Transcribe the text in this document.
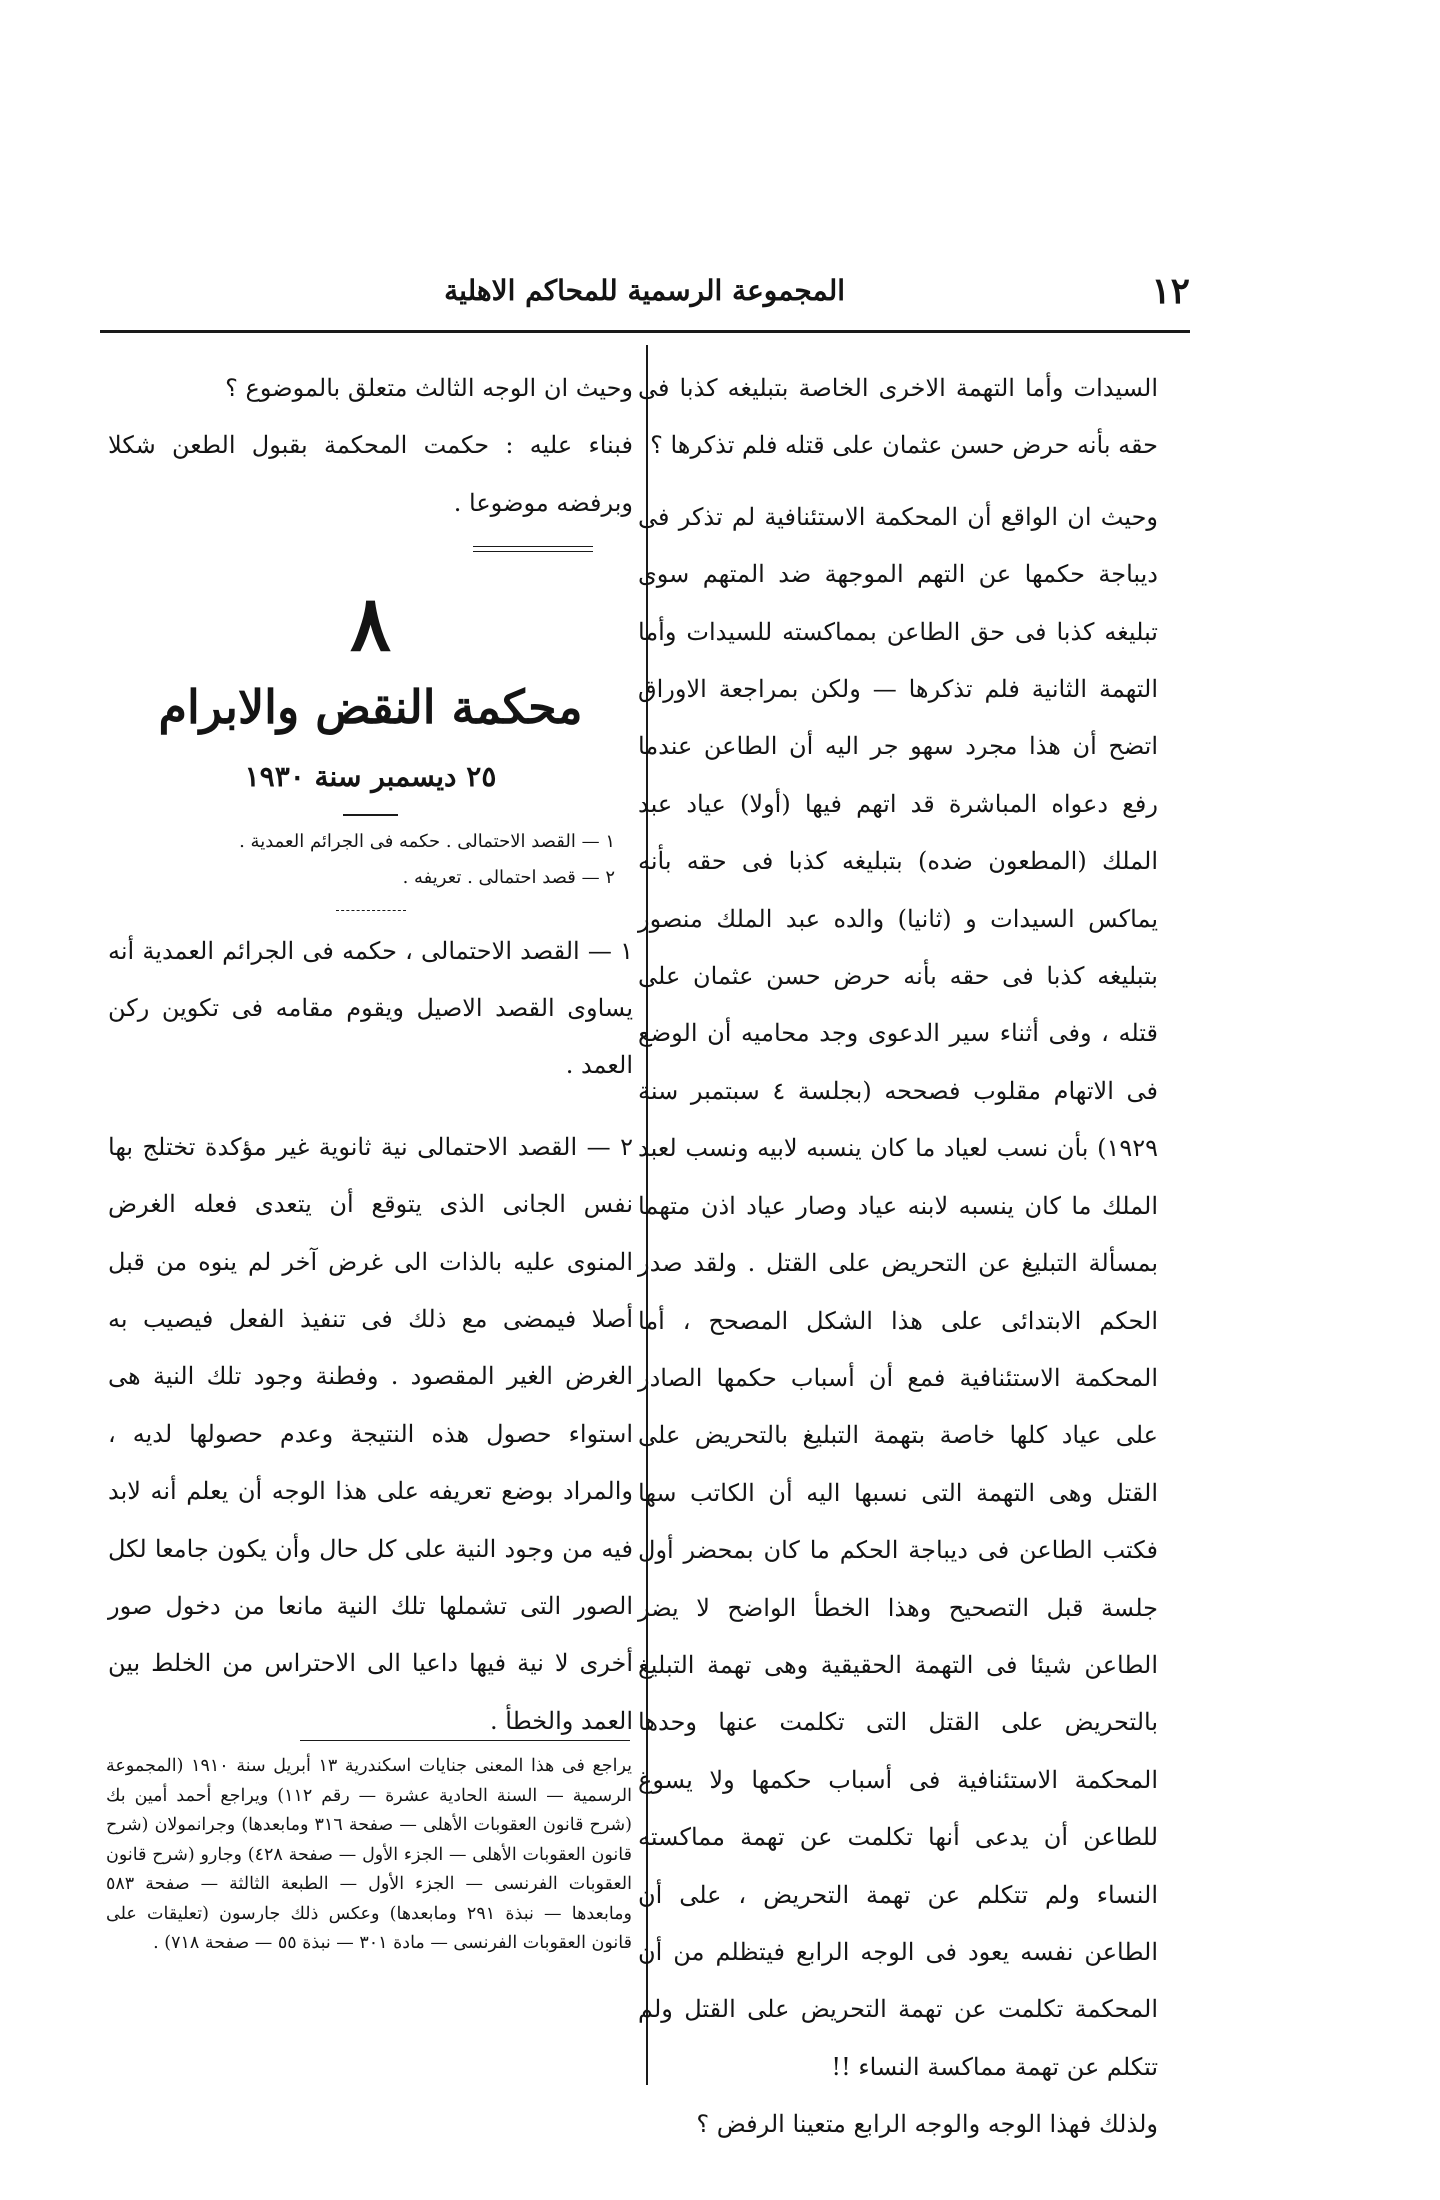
١٢
المجموعة الرسمية للمحاكم الاهلية

السيدات وأما التهمة الاخرى الخاصة بتبليغه كذبا فى حقه بأنه حرض حسن عثمان على قتله فلم تذكرها ؟

وحيث ان الواقع أن المحكمة الاستئنافية لم تذكر فى ديباجة حكمها عن التهم الموجهة ضد المتهم سوى تبليغه كذبا فى حق الطاعن بمماكسته للسيدات وأما التهمة الثانية فلم تذكرها — ولكن بمراجعة الاوراق اتضح أن هذا مجرد سهو جر اليه أن الطاعن عندما رفع دعواه المباشرة قد اتهم فيها (أولا) عياد عبد الملك (المطعون ضده) بتبليغه كذبا فى حقه بأنه يماكس السيدات و (ثانيا) والده عبد الملك منصور بتبليغه كذبا فى حقه بأنه حرض حسن عثمان على قتله ، وفى أثناء سير الدعوى وجد محاميه أن الوضع فى الاتهام مقلوب فصححه (بجلسة ٤ سبتمبر سنة ١٩٢٩) بأن نسب لعياد ما كان ينسبه لابيه ونسب لعبد الملك ما كان ينسبه لابنه عياد وصار عياد اذن متهما بمسألة التبليغ عن التحريض على القتل . ولقد صدر الحكم الابتدائى على هذا الشكل المصحح ، أما المحكمة الاستئنافية فمع أن أسباب حكمها الصادر على عياد كلها خاصة بتهمة التبليغ بالتحريض على القتل وهى التهمة التى نسبها اليه أن الكاتب سها فكتب الطاعن فى ديباجة الحكم ما كان بمحضر أول جلسة قبل التصحيح وهذا الخطأ الواضح لا يضر الطاعن شيئا فى التهمة الحقيقية وهى تهمة التبليغ بالتحريض على القتل التى تكلمت عنها وحدها المحكمة الاستئنافية فى أسباب حكمها ولا يسوغ للطاعن أن يدعى أنها تكلمت عن تهمة مماكسته النساء ولم تتكلم عن تهمة التحريض ، على أن الطاعن نفسه يعود فى الوجه الرابع فيتظلم من أن المحكمة تكلمت عن تهمة التحريض على القتل ولم تتكلم عن تهمة مماكسة النساء !!

ولذلك فهذا الوجه والوجه الرابع متعينا الرفض ؟

وحيث ان الوجه الثالث متعلق بالموضوع ؟

فبناء عليه : حكمت المحكمة بقبول الطعن شكلا وبرفضه موضوعا .

٨
محكمة النقض والابرام
٢٥ ديسمبر سنة ١٩٣٠
١ — القصد الاحتمالى . حكمه فى الجرائم العمدية .
٢ — قصد احتمالى . تعريفه .

١ — القصد الاحتمالى ، حكمه فى الجرائم العمدية أنه يساوى القصد الاصيل ويقوم مقامه فى تكوين ركن العمد .

٢ — القصد الاحتمالى نية ثانوية غير مؤكدة تختلج بها نفس الجانى الذى يتوقع أن يتعدى فعله الغرض المنوى عليه بالذات الى غرض آخر لم ينوه من قبل أصلا فيمضى مع ذلك فى تنفيذ الفعل فيصيب به الغرض الغير المقصود . وفطنة وجود تلك النية هى استواء حصول هذه النتيجة وعدم حصولها لديه ، والمراد بوضع تعريفه على هذا الوجه أن يعلم أنه لابد فيه من وجود النية على كل حال وأن يكون جامعا لكل الصور التى تشملها تلك النية مانعا من دخول صور أخرى لا نية فيها داعيا الى الاحتراس من الخلط بين العمد والخطأ .

يراجع فى هذا المعنى جنايات اسكندرية ١٣ أبريل سنة ١٩١٠ (المجموعة الرسمية — السنة الحادية عشرة — رقم ١١٢) ويراجع أحمد أمين بك (شرح قانون العقوبات الأهلى — صفحة ٣١٦ ومابعدها) وجرانمولان (شرح قانون العقوبات الأهلى — الجزء الأول — صفحة ٤٢٨) وجارو (شرح قانون العقوبات الفرنسى — الجزء الأول — الطبعة الثالثة — صفحة ٥٨٣ ومابعدها — نبذة ٢٩١ ومابعدها) وعكس ذلك جارسون (تعليقات على قانون العقوبات الفرنسى — مادة ٣٠١ — نبذة ٥٥ — صفحة ٧١٨) .
